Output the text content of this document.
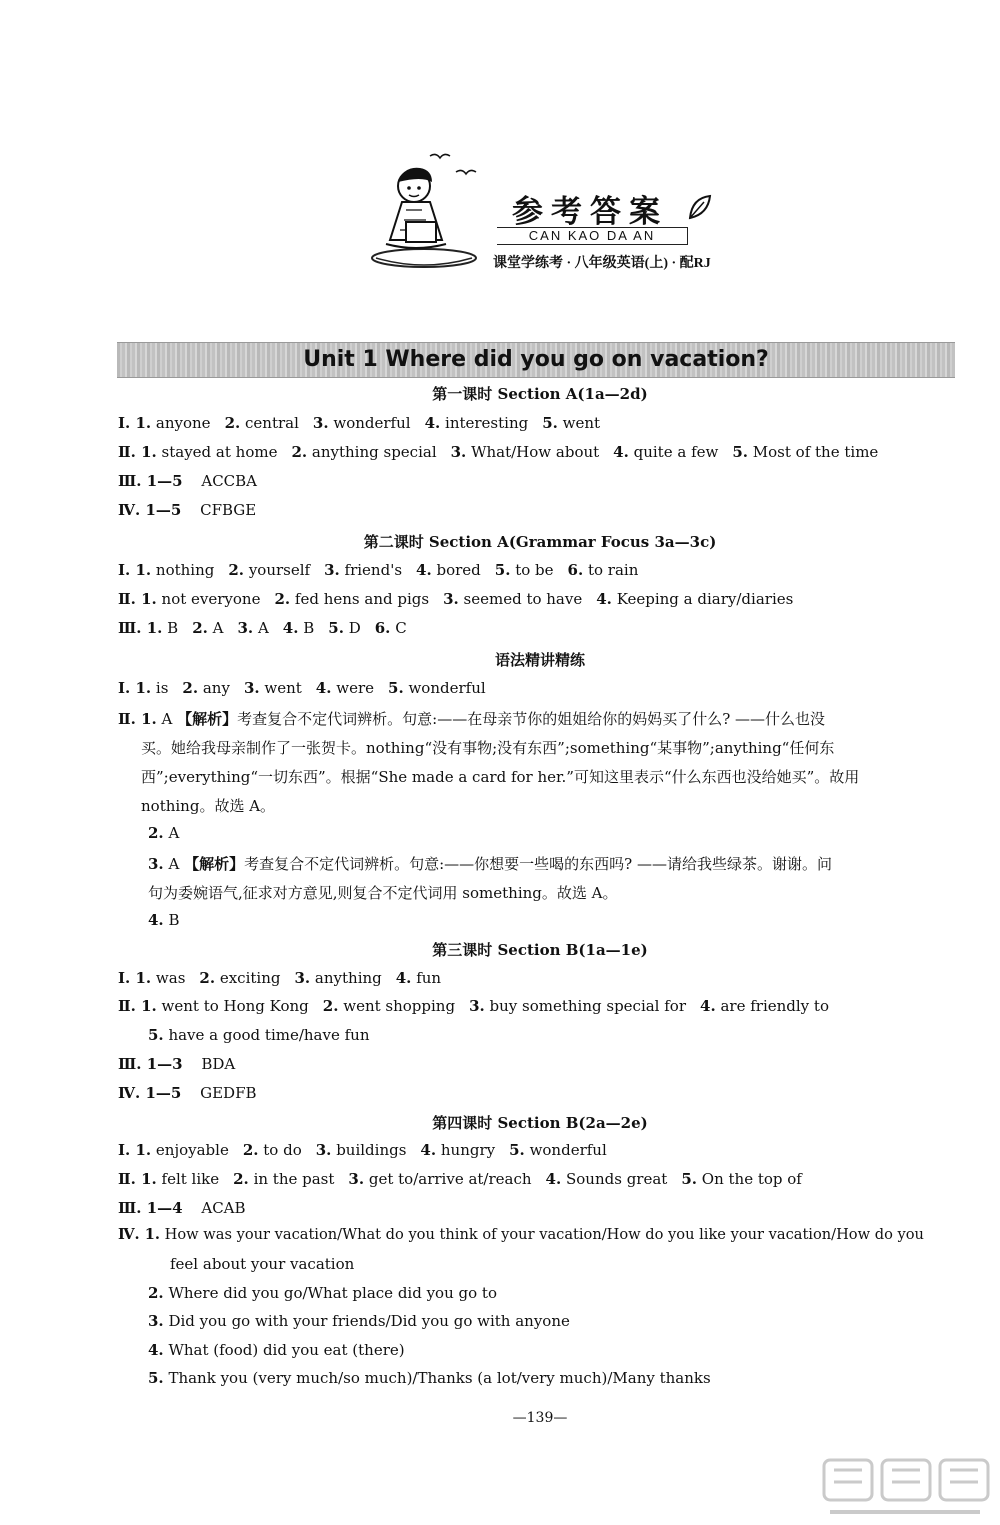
参考答案
CAN KAO DA AN
课堂学练考 · 八年级英语(上) · 配RJ
Unit 1 Where did you go on vacation?
第一课时 Section A(1a—2d)
Ⅰ. 1. anyone 2. central 3. wonderful 4. interesting 5. went
Ⅱ. 1. stayed at home 2. anything special 3. What/How about 4. quite a few 5. Most of the time
Ⅲ. 1—5 ACCBA
Ⅳ. 1—5 CFBGE
第二课时 Section A(Grammar Focus 3a—3c)
Ⅰ. 1. nothing 2. yourself 3. friend's 4. bored 5. to be 6. to rain
Ⅱ. 1. not everyone 2. fed hens and pigs 3. seemed to have 4. Keeping a diary/diaries
Ⅲ. 1. B 2. A 3. A 4. B 5. D 6. C
语法精讲精练
Ⅰ. 1. is 2. any 3. went 4. were 5. wonderful
Ⅱ. 1. A 【解析】考查复合不定代词辨析。句意:——在母亲节你的姐姐给你的妈妈买了什么? ——什么也没
买。她给我母亲制作了一张贺卡。nothing“没有事物;没有东西”;something“某事物”;anything“任何东
西”;everything“一切东西”。根据“She made a card for her.”可知这里表示“什么东西也没给她买”。故用
nothing。故选 A。
2. A
3. A 【解析】考查复合不定代词辨析。句意:——你想要一些喝的东西吗? ——请给我些绿茶。谢谢。问
句为委婉语气,征求对方意见,则复合不定代词用 something。故选 A。
4. B
第三课时 Section B(1a—1e)
Ⅰ. 1. was 2. exciting 3. anything 4. fun
Ⅱ. 1. went to Hong Kong 2. went shopping 3. buy something special for 4. are friendly to
5. have a good time/have fun
Ⅲ. 1—3 BDA
Ⅳ. 1—5 GEDFB
第四课时 Section B(2a—2e)
Ⅰ. 1. enjoyable 2. to do 3. buildings 4. hungry 5. wonderful
Ⅱ. 1. felt like 2. in the past 3. get to/arrive at/reach 4. Sounds great 5. On the top of
Ⅲ. 1—4 ACAB
Ⅳ. 1. How was your vacation/What do you think of your vacation/How do you like your vacation/How do you
feel about your vacation
2. Where did you go/What place did you go to
3. Did you go with your friends/Did you go with anyone
4. What (food) did you eat (there)
5. Thank you (very much/so much)/Thanks (a lot/very much)/Many thanks
—139—
